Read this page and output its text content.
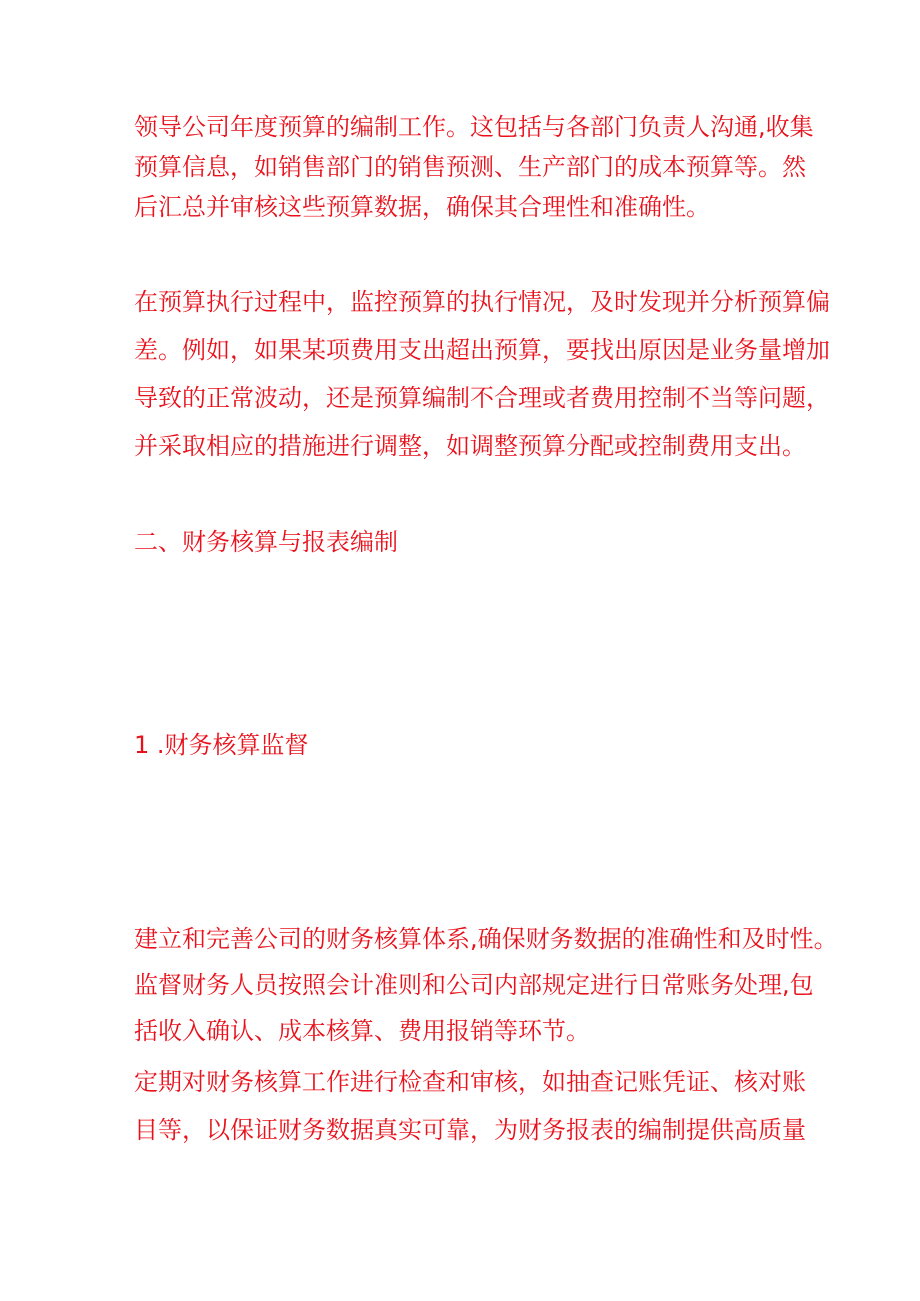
领导公司年度预算的编制工作。这包括与各部门负责人沟通,收集
预算信息，如销售部门的销售预测、生产部门的成本预算等。然
后汇总并审核这些预算数据，确保其合理性和准确性。
在预算执行过程中，监控预算的执行情况，及时发现并分析预算偏
差。例如，如果某项费用支出超出预算，要找出原因是业务量增加
导致的正常波动，还是预算编制不合理或者费用控制不当等问题，
并采取相应的措施进行调整，如调整预算分配或控制费用支出。
二、财务核算与报表编制
1 .财务核算监督
建立和完善公司的财务核算体系,确保财务数据的准确性和及时性。
监督财务人员按照会计准则和公司内部规定进行日常账务处理,包
括收入确认、成本核算、费用报销等环节。
定期对财务核算工作进行检查和审核，如抽查记账凭证、核对账
目等，以保证财务数据真实可靠，为财务报表的编制提供高质量
